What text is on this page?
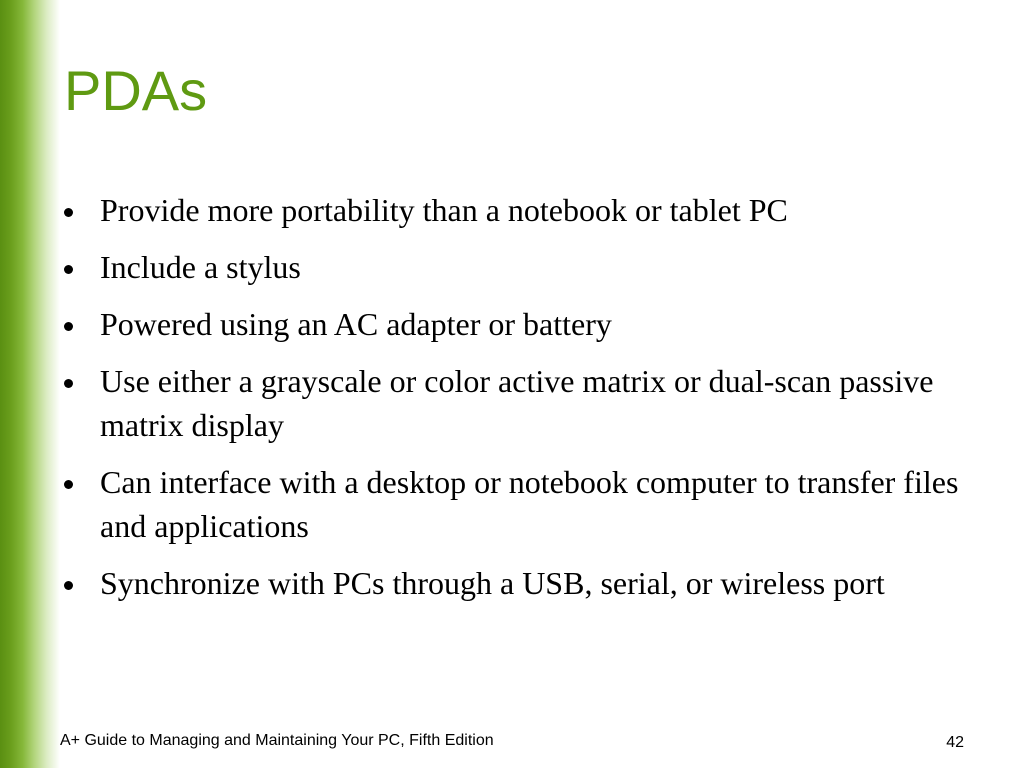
PDAs
Provide more portability than a notebook or tablet PC
Include a stylus
Powered using an AC adapter or battery
Use either a grayscale or color active matrix or dual-scan passive matrix display
Can interface with a desktop or notebook computer to transfer files and applications
Synchronize with PCs through a USB, serial, or wireless port
A+ Guide to Managing and Maintaining Your PC, Fifth Edition	42
